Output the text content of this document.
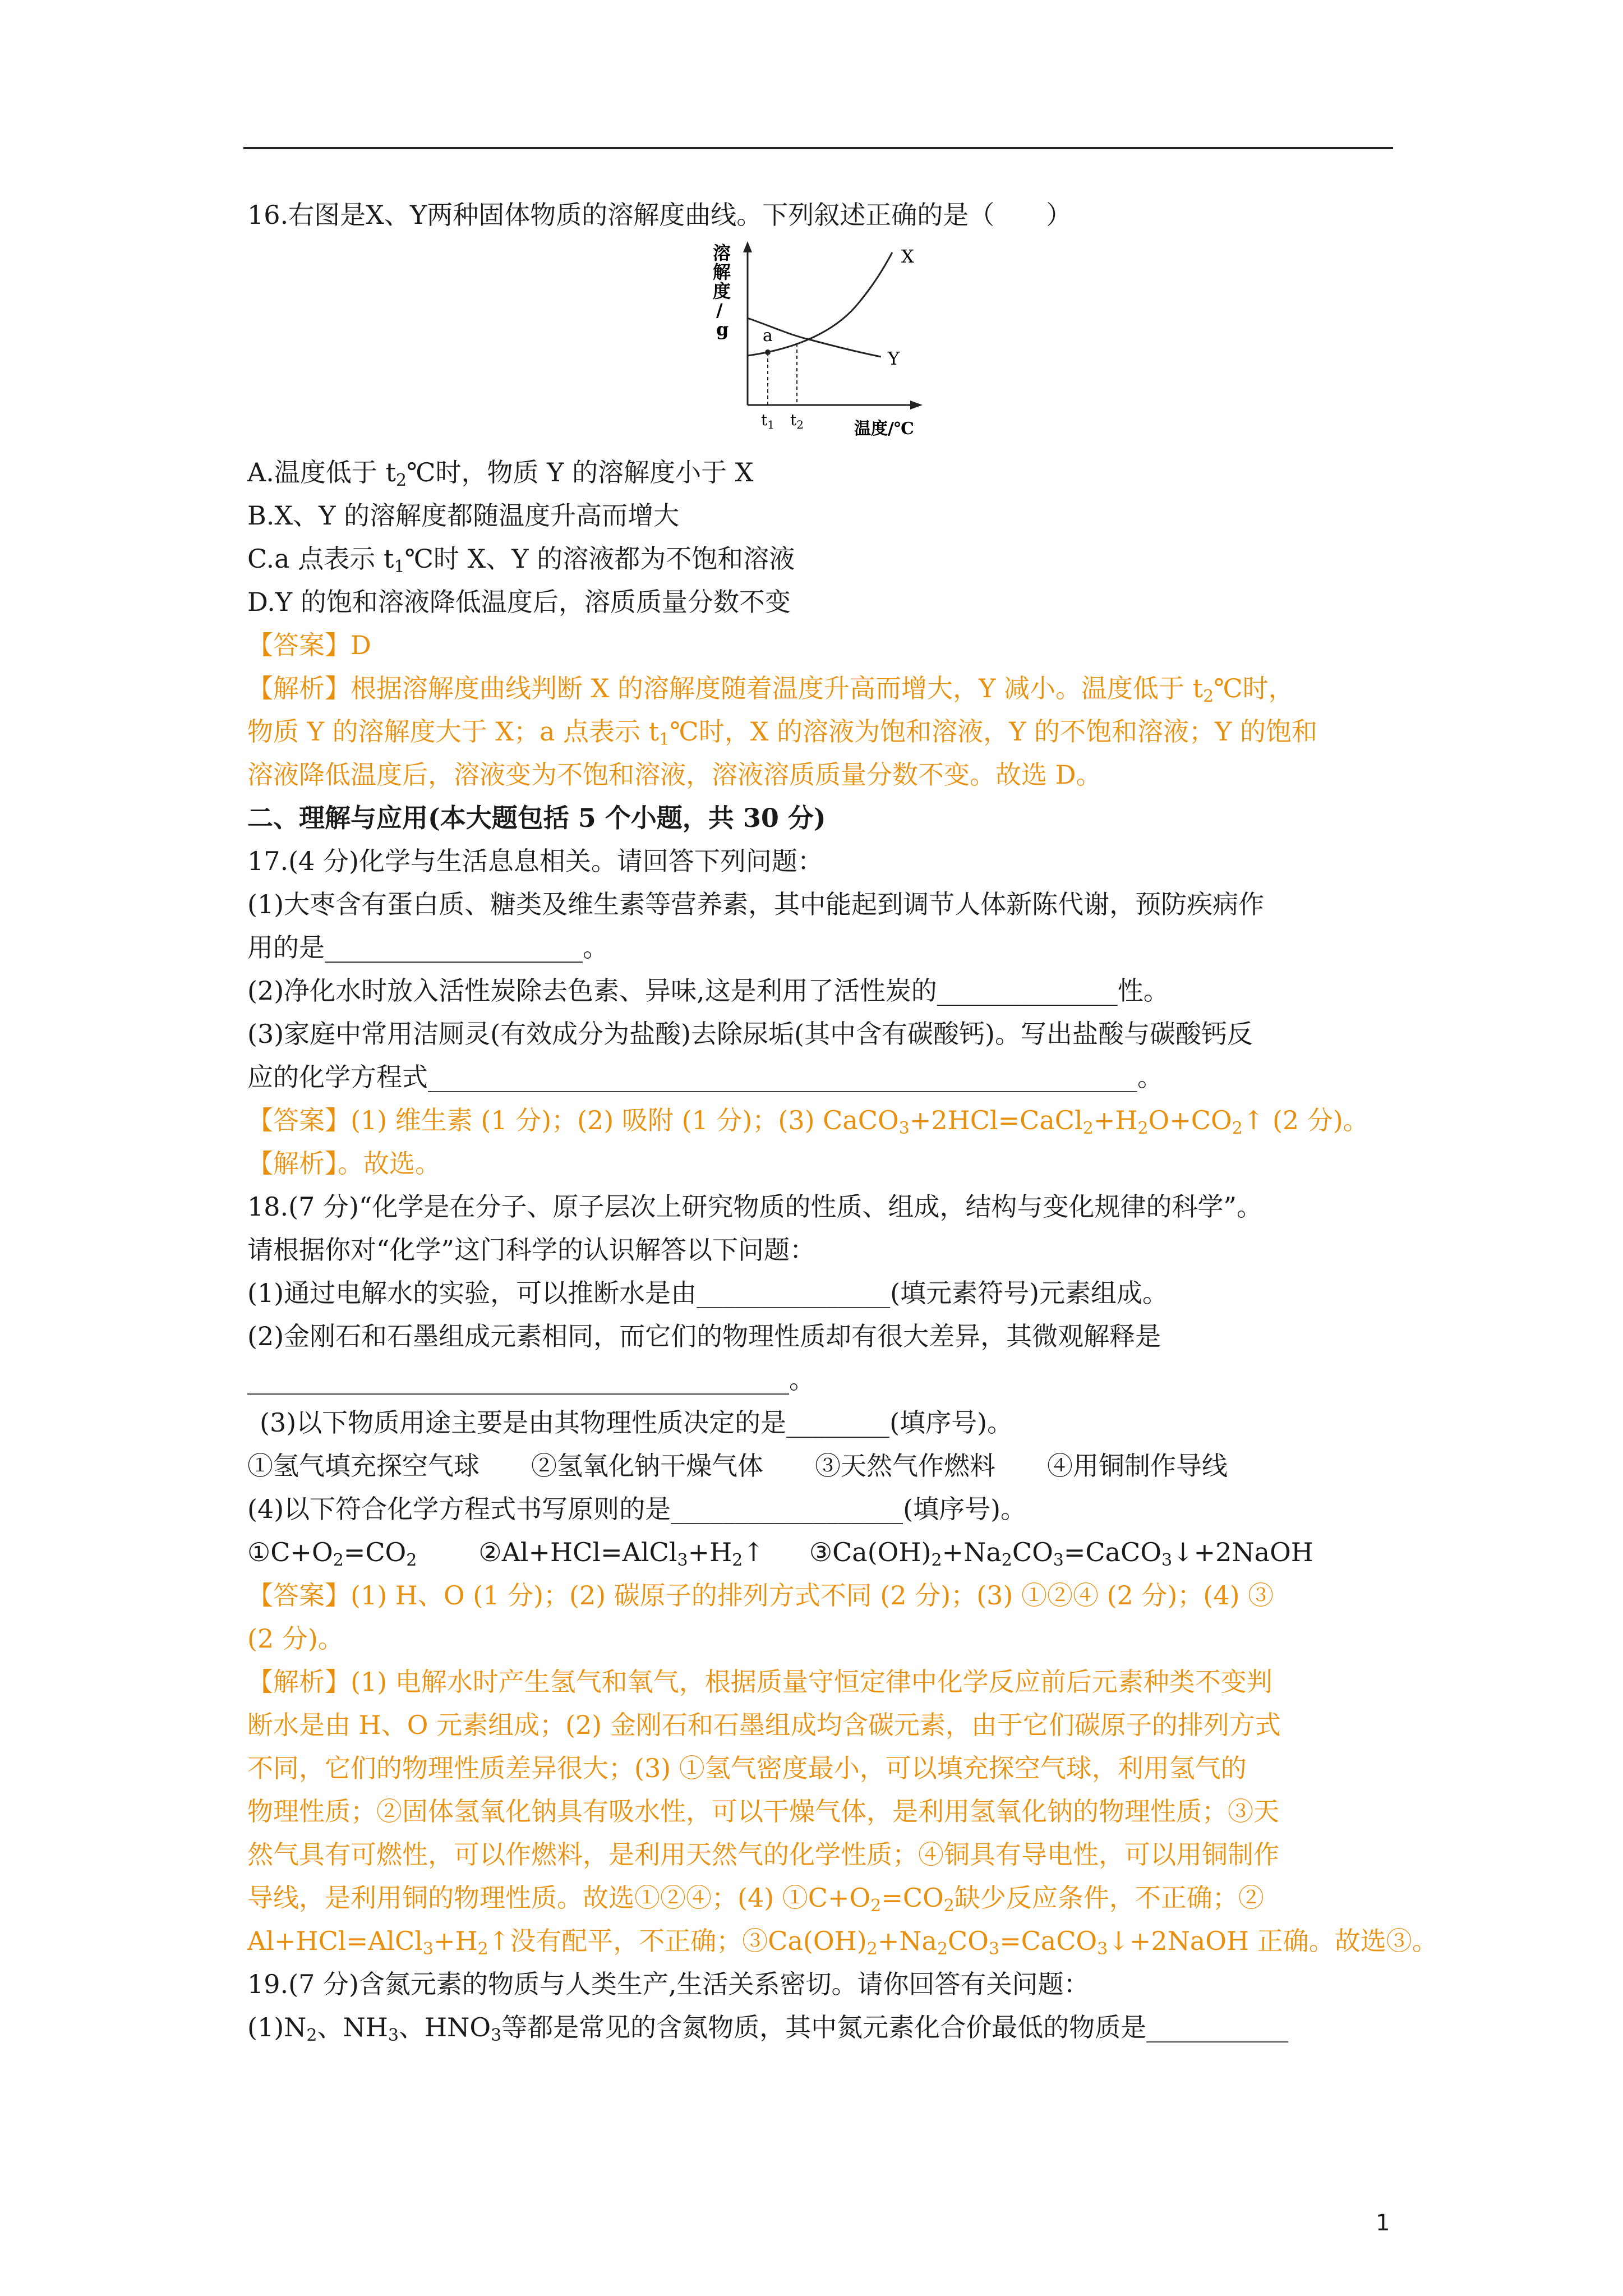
16.右图是X、Y两种固体物质的溶解度曲线。下列叙述正确的是（　　）
溶
解
度
/
g
X
Y
a
$t_1$ $t_2$	温度/℃
A.温度低于 $t_2℃$时，物质 Y 的溶解度小于 X
B.X、Y 的溶解度都随温度升高而增大
C.a 点表示 $t_1℃$时 X、Y 的溶液都为不饱和溶液
D.Y 的饱和溶液降低温度后，溶质质量分数不变
【答案】D
【解析】根据溶解度曲线判断 X 的溶解度随着温度升高而增大，Y 减小。温度低于 $t_2℃$时，
物质 Y 的溶解度大于 X；a 点表示 $t_1℃$时，X 的溶液为饱和溶液，Y 的不饱和溶液；Y 的饱和
溶液降低温度后，溶液变为不饱和溶液，溶液溶质质量分数不变。故选 D。
二、理解与应用(本大题包括 5 个小题，共 30 分)
17.(4 分)化学与生活息息相关。请回答下列问题：
(1)大枣含有蛋白质、糖类及维生素等营养素，其中能起到调节人体新陈代谢，预防疾病作
用的是____________________。
(2)净化水时放入活性炭除去色素、异味,这是利用了活性炭的______________性。
(3)家庭中常用洁厕灵(有效成分为盐酸)去除尿垢(其中含有碳酸钙)。写出盐酸与碳酸钙反
应的化学方程式_______________________________________________________。
【答案】(1) 维生素 (1 分)；(2) 吸附 (1 分)；(3) $CaCO_3+2HCl=CaCl_2+H_2O+CO_2↑$ (2 分)。
【解析】。故选。
18.(7 分)“化学是在分子、原子层次上研究物质的性质、组成，结构与变化规律的科学”。
请根据你对“化学”这门科学的认识解答以下问题：
(1)通过电解水的实验，可以推断水是由_______________(填元素符号)元素组成。
(2)金刚石和石墨组成元素相同，而它们的物理性质却有很大差异，其微观解释是
__________________________________________。
(3)以下物质用途主要是由其物理性质决定的是________(填序号)。
①氢气填充探空气球　　②氢氧化钠干燥气体　　③天然气作燃料　　④用铜制作导线
(4)以下符合化学方程式书写原则的是__________________(填序号)。
$①C+O_2=CO_2$ $②Al+HCl=AlCl_3+H_2↑$ $③Ca(OH)_2+Na_2CO_3=CaCO_3↓+2NaOH$
【答案】(1) H、O (1 分)；(2) 碳原子的排列方式不同 (2 分)；(3) ①②④ (2 分)；(4) ③
(2 分)。
【解析】(1) 电解水时产生氢气和氧气，根据质量守恒定律中化学反应前后元素种类不变判
断水是由 H、O 元素组成；(2) 金刚石和石墨组成均含碳元素，由于它们碳原子的排列方式
不同，它们的物理性质差异很大；(3) ①氢气密度最小，可以填充探空气球，利用氢气的
物理性质；②固体氢氧化钠具有吸水性，可以干燥气体，是利用氢氧化钠的物理性质；③天
然气具有可燃性，可以作燃料，是利用天然气的化学性质；④铜具有导电性，可以用铜制作
导线，是利用铜的物理性质。故选①②④；(4) $①C+O_2=CO_2$缺少反应条件，不正确；②
$Al+HCl=AlCl_3+H_2↑$没有配平，不正确；$③Ca(OH)_2+Na_2CO_3=CaCO_3↓+2NaOH$ 正确。故选③。
19.(7 分)含氮元素的物质与人类生产,生活关系密切。请你回答有关问题：
$(1)N_2$、$NH_3$、$HNO_3$等都是常见的含氮物质，其中氮元素化合价最低的物质是___________
1
